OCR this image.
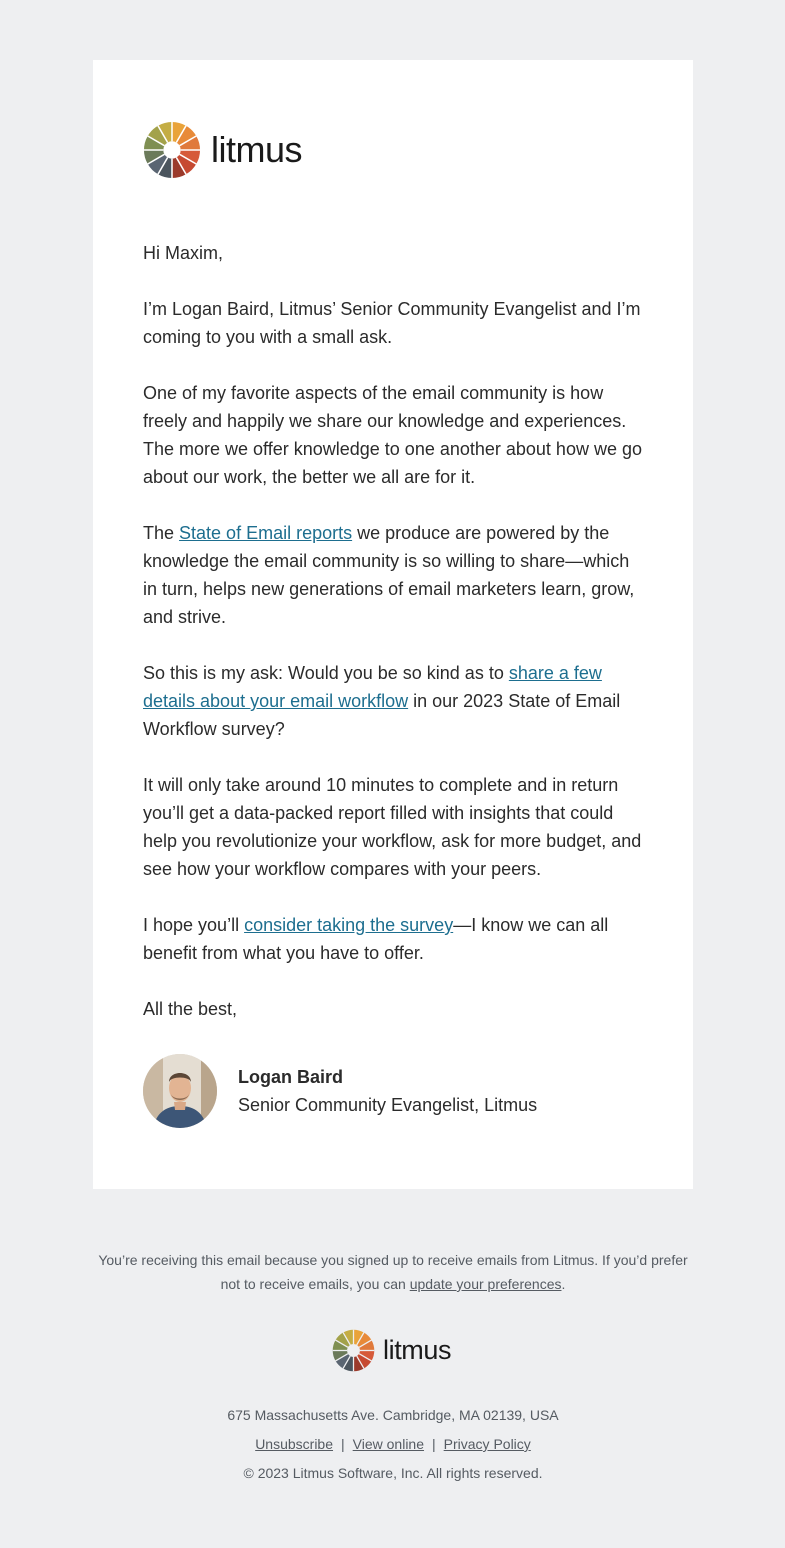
litmus

Hi Maxim,

I’m Logan Baird, Litmus’ Senior Community Evangelist and I’m coming to you with a small ask.

One of my favorite aspects of the email community is how freely and happily we share our knowledge and experiences. The more we offer knowledge to one another about how we go about our work, the better we all are for it.

The State of Email reports we produce are powered by the knowledge the email community is so willing to share—which in turn, helps new generations of email marketers learn, grow, and strive.

So this is my ask: Would you be so kind as to share a few details about your email workflow in our 2023 State of Email Workflow survey?

It will only take around 10 minutes to complete and in return you’ll get a data-packed report filled with insights that could help you revolutionize your workflow, ask for more budget, and see how your workflow compares with your peers.

I hope you’ll consider taking the survey—I know we can all benefit from what you have to offer.

All the best,

Logan Baird
Senior Community Evangelist, Litmus
You’re receiving this email because you signed up to receive emails from Litmus. If you’d prefer not to receive emails, you can update your preferences.
litmus
675 Massachusetts Ave. Cambridge, MA 02139, USA
Unsubscribe | View online | Privacy Policy
© 2023 Litmus Software, Inc. All rights reserved.
